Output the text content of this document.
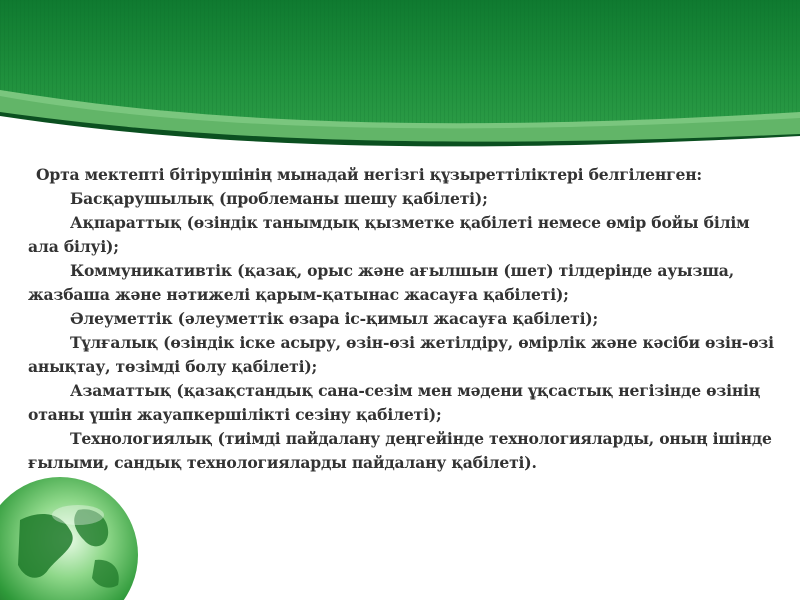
Орта мектепті бітірушінің мынадай негізгі құзыреттіліктері белгіленген:

Басқарушылық (проблеманы шешу қабілеті);

Ақпараттық (өзіндік танымдық қызметке қабілеті немесе өмір бойы білім ала білуі);

Коммуникативтік (қазақ, орыс және ағылшын (шет) тілдерінде ауызша, жазбаша және нәтижелі қарым-қатынас жасауға қабілеті);

Әлеуметтік (әлеуметтік өзара іс-қимыл жасауға қабілеті);

Тұлғалық (өзіндік іске асыру, өзін-өзі жетілдіру, өмірлік және кәсіби өзін-өзі анықтау, төзімді болу қабілеті);

Азаматтық (қазақстандық сана-сезім мен мәдени ұқсастық негізінде өзінің отаны үшін жауапкершілікті сезіну қабілеті);

Технологиялық (тиімді пайдалану деңгейінде технологияларды, оның ішінде ғылыми, сандық технологияларды пайдалану қабілеті).
